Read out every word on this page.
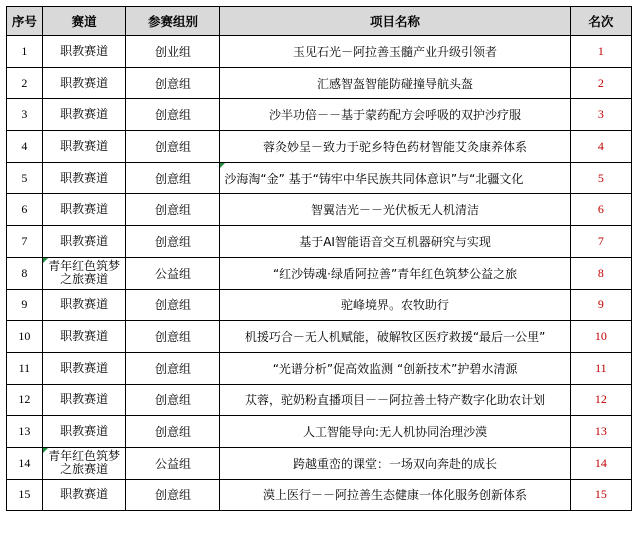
序号	赛道	参赛组别	项目名称	名次
1	职教赛道	创业组	玉见石光－阿拉善玉髓产业升级引领者	1
2	职教赛道	创意组	汇感智盔智能防碰撞导航头盔	2
3	职教赛道	创意组	沙半功倍－－基于蒙药配方会呼吸的双护沙疗服	3
4	职教赛道	创意组	蓉灸妙呈－致力于驼乡特色药材智能艾灸康养体系	4
5	职教赛道	创意组	沙海淘“金” 基于“铸牢中华民族共同体意识”与“北疆文化	5
6	职教赛道	创意组	智翼洁光－－光伏板无人机清洁	6
7	职教赛道	创意组	基于AI智能语音交互机器研究与实现	7
8	青年红色筑梦之旅赛道	公益组	“红沙铸魂·绿盾阿拉善”青年红色筑梦公益之旅	8
9	职教赛道	创意组	驼峰境界。农牧助行	9
10	职教赛道	创意组	机援巧合－无人机赋能，破解牧区医疗救援“最后一公里”	10
11	职教赛道	创意组	“光谱分析”促高效监测 “创新技术”护碧水清源	11
12	职教赛道	创意组	苁蓉，驼奶粉直播项目－－阿拉善土特产数字化助农计划	12
13	职教赛道	创意组	人工智能导向:无人机协同治理沙漠	13
14	青年红色筑梦之旅赛道	公益组	跨越重峦的课堂：一场双向奔赴的成长	14
15	职教赛道	创意组	漠上医行－－阿拉善生态健康一体化服务创新体系	15
